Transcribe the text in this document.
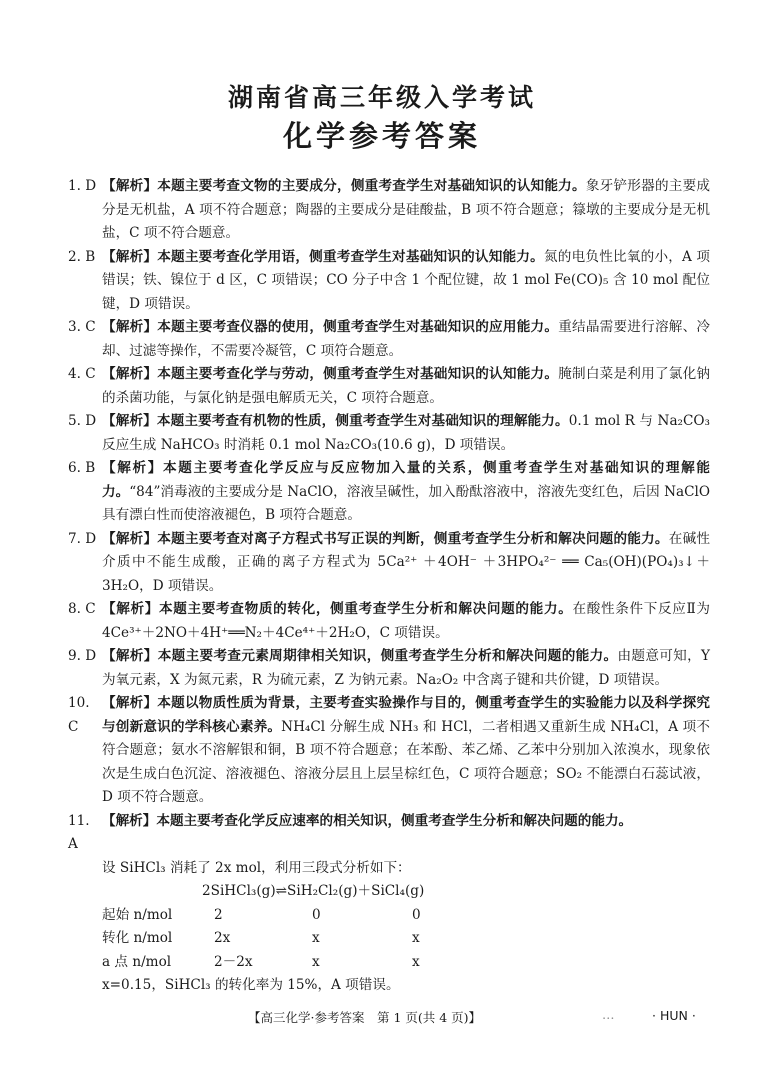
湖南省高三年级入学考试
化学参考答案
1. D 【解析】本题主要考查文物的主要成分，侧重考查学生对基础知识的认知能力。象牙铲形器的主要成分是无机盐，A 项不符合题意；陶器的主要成分是硅酸盐，B 项不符合题意；簶墩的主要成分是无机盐，C 项不符合题意。
2. B 【解析】本题主要考查化学用语，侧重考查学生对基础知识的认知能力。氮的电负性比氧的小，A 项错误；铁、镍位于 d 区，C 项错误；CO 分子中含 1 个配位键，故 1 mol Fe(CO)₅ 含 10 mol 配位键，D 项错误。
3. C 【解析】本题主要考查仪器的使用，侧重考查学生对基础知识的应用能力。重结晶需要进行溶解、冷却、过滤等操作，不需要冷凝管，C 项符合题意。
4. C 【解析】本题主要考查化学与劳动，侧重考查学生对基础知识的认知能力。腌制白菜是利用了氯化钠的杀菌功能，与氯化钠是强电解质无关，C 项符合题意。
5. D 【解析】本题主要考查有机物的性质，侧重考查学生对基础知识的理解能力。0.1 mol R 与 Na₂CO₃ 反应生成 NaHCO₃ 时消耗 0.1 mol Na₂CO₃(10.6 g)，D 项错误。
6. B 【解析】本题主要考查化学反应与反应物加入量的关系，侧重考查学生对基础知识的理解能力。“84”消毒液的主要成分是 NaClO，溶液呈碱性，加入酚酞溶液中，溶液先变红色，后因 NaClO 具有漂白性而使溶液褪色，B 项符合题意。
7. D 【解析】本题主要考查对离子方程式书写正误的判断，侧重考查学生分析和解决问题的能力。在碱性介质中不能生成酸，正确的离子方程式为 5Ca²⁺ ＋4OH⁻ ＋3HPO₄²⁻ ══ Ca₅(OH)(PO₄)₃↓＋3H₂O，D 项错误。
8. C 【解析】本题主要考查物质的转化，侧重考查学生分析和解决问题的能力。在酸性条件下反应Ⅱ为 4Ce³⁺＋2NO＋4H⁺══N₂＋4Ce⁴⁺＋2H₂O，C 项错误。
9. D 【解析】本题主要考查元素周期律相关知识，侧重考查学生分析和解决问题的能力。由题意可知，Y 为氧元素，X 为氮元素，R 为硫元素，Z 为钠元素。Na₂O₂ 中含离子键和共价键，D 项错误。
10. C
【解析】本题以物质性质为背景，主要考查实验操作与目的，侧重考查学生的实验能力以及科学探究与创新意识的学科核心素养。NH₄Cl 分解生成 NH₃ 和 HCl，二者相遇又重新生成 NH₄Cl，A 项不符合题意；氨水不溶解银和铜，B 项不符合题意；在苯酚、苯乙烯、乙苯中分别加入浓溴水，现象依次是生成白色沉淀、溶液褪色、溶液分层且上层呈棕红色，C 项符合题意；SO₂ 不能漂白石蕊试液，D 项不符合题意。
11. A
【解析】本题主要考查化学反应速率的相关知识，侧重考查学生分析和解决问题的能力。
设 SiHCl₃ 消耗了 2x mol，利用三段式分析如下：
2SiHCl₃(g)⇌SiH₂Cl₂(g)＋SiCl₄(g)
起始 n/mol	2	0	0
转化 n/mol	2x	x	x
a 点 n/mol	2－2x	x	x
x=0.15，SiHCl₃ 的转化率为 15%，A 项错误。
【高三化学·参考答案　第 1 页(共 4 页)】	…	· HUN ·
